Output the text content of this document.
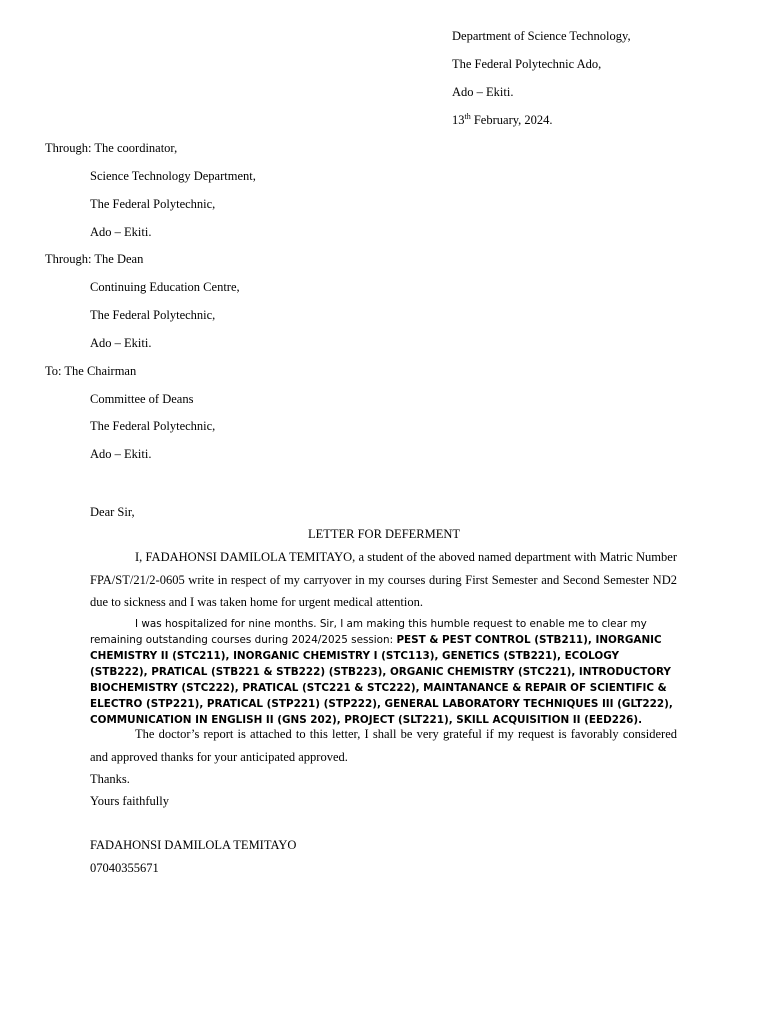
Department of Science Technology,
The Federal Polytechnic Ado,
Ado – Ekiti.
13th February, 2024.
Through: The coordinator,
Science Technology Department,
The Federal Polytechnic,
Ado – Ekiti.
Through: The Dean
Continuing Education Centre,
The Federal Polytechnic,
Ado – Ekiti.
To: The Chairman
Committee of Deans
The Federal Polytechnic,
Ado – Ekiti.
Dear Sir,
LETTER FOR DEFERMENT

I, FADAHONSI DAMILOLA TEMITAYO, a student of the aboved named department with Matric Number FPA/ST/21/2-0605 write in respect of my carryover in my courses during First Semester and Second Semester ND2 due to sickness and I was taken home for urgent medical attention.

I was hospitalized for nine months. Sir, I am making this humble request to enable me to clear my remaining outstanding courses during 2024/2025 session: PEST & PEST CONTROL (STB211), INORGANIC CHEMISTRY II (STC211), INORGANIC CHEMISTRY I (STC113), GENETICS (STB221), ECOLOGY (STB222), PRATICAL (STB221 & STB222) (STB223), ORGANIC CHEMISTRY (STC221), INTRODUCTORY BIOCHEMISTRY (STC222), PRATICAL (STC221 & STC222), MAINTANANCE & REPAIR OF SCIENTIFIC & ELECTRO (STP221), PRATICAL (STP221) (STP222), GENERAL LABORATORY TECHNIQUES III (GLT222), COMMUNICATION IN ENGLISH II (GNS 202), PROJECT (SLT221), SKILL ACQUISITION II (EED226).

The doctor’s report is attached to this letter, I shall be very grateful if my request is favorably considered and approved thanks for your anticipated approved.

Thanks.
Yours faithfully
FADAHONSI DAMILOLA TEMITAYO
07040355671
